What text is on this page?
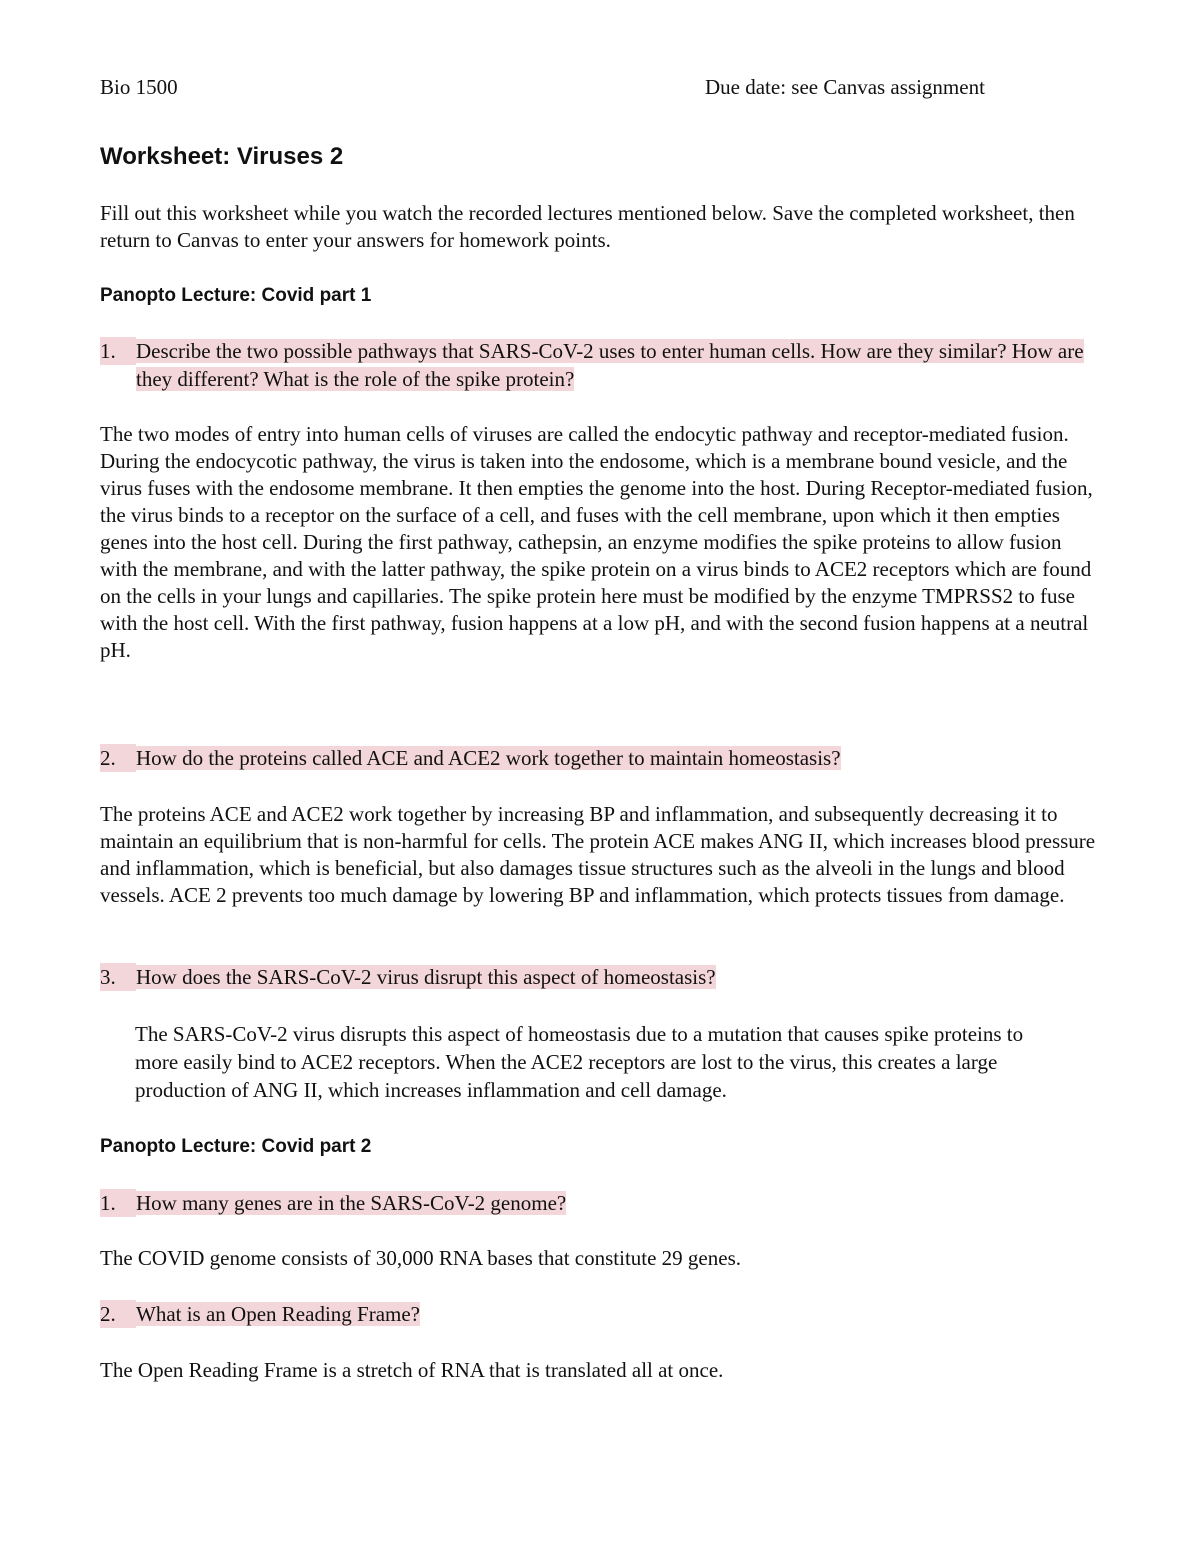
Bio 1500	Due date: see Canvas assignment
Worksheet: Viruses 2
Fill out this worksheet while you watch the recorded lectures mentioned below. Save the completed worksheet, then return to Canvas to enter your answers for homework points.
Panopto Lecture: Covid part 1
1. Describe the two possible pathways that SARS-CoV-2 uses to enter human cells. How are they similar? How are they different? What is the role of the spike protein?
The two modes of entry into human cells of viruses are called the endocytic pathway and receptor-mediated fusion. During the endocycotic pathway, the virus is taken into the endosome, which is a membrane bound vesicle, and the virus fuses with the endosome membrane. It then empties the genome into the host. During Receptor-mediated fusion, the virus binds to a receptor on the surface of a cell, and fuses with the cell membrane, upon which it then empties genes into the host cell. During the first pathway, cathepsin, an enzyme modifies the spike proteins to allow fusion with the membrane, and with the latter pathway, the spike protein on a virus binds to ACE2 receptors which are found on the cells in your lungs and capillaries. The spike protein here must be modified by the enzyme TMPRSS2 to fuse with the host cell. With the first pathway, fusion happens at a low pH, and with the second fusion happens at a neutral pH.
2. How do the proteins called ACE and ACE2 work together to maintain homeostasis?
The proteins ACE and ACE2 work together by increasing BP and inflammation, and subsequently decreasing it to maintain an equilibrium that is non-harmful for cells. The protein ACE makes ANG II, which increases blood pressure and inflammation, which is beneficial, but also damages tissue structures such as the alveoli in the lungs and blood vessels. ACE 2 prevents too much damage by lowering BP and inflammation, which protects tissues from damage.
3. How does the SARS-CoV-2 virus disrupt this aspect of homeostasis?
The SARS-CoV-2 virus disrupts this aspect of homeostasis due to a mutation that causes spike proteins to more easily bind to ACE2 receptors. When the ACE2 receptors are lost to the virus, this creates a large production of ANG II, which increases inflammation and cell damage.
Panopto Lecture: Covid part 2
1. How many genes are in the SARS-CoV-2 genome?
The COVID genome consists of 30,000 RNA bases that constitute 29 genes.
2. What is an Open Reading Frame?
The Open Reading Frame is a stretch of RNA that is translated all at once.
